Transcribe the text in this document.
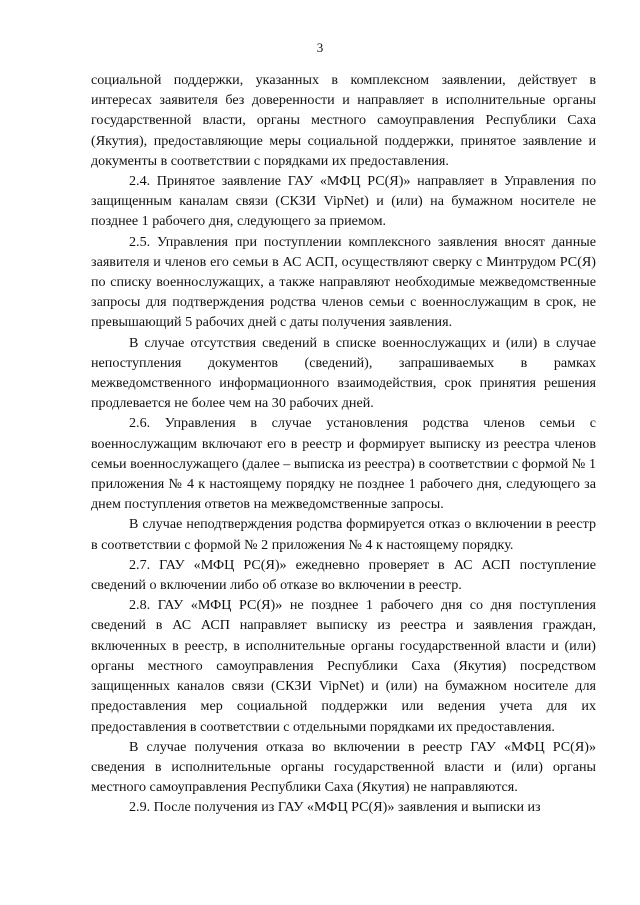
3

социальной поддержки, указанных в комплексном заявлении, действует в интересах заявителя без доверенности и направляет в исполнительные органы государственной власти, органы местного самоуправления Республики Саха (Якутия), предоставляющие меры социальной поддержки, принятое заявление и документы в соответствии с порядками их предоставления.

2.4. Принятое заявление ГАУ «МФЦ РС(Я)» направляет в Управления по защищенным каналам связи (СКЗИ VipNet) и (или) на бумажном носителе не позднее 1 рабочего дня, следующего за приемом.

2.5. Управления при поступлении комплексного заявления вносят данные заявителя и членов его семьи в АС АСП, осуществляют сверку с Минтрудом РС(Я) по списку военнослужащих, а также направляют необходимые межведомственные запросы для подтверждения родства членов семьи с военнослужащим в срок, не превышающий 5 рабочих дней с даты получения заявления.

В случае отсутствия сведений в списке военнослужащих и (или) в случае непоступления документов (сведений), запрашиваемых в рамках межведомственного информационного взаимодействия, срок принятия решения продлевается не более чем на 30 рабочих дней.

2.6. Управления в случае установления родства членов семьи с военнослужащим включают его в реестр и формирует выписку из реестра членов семьи военнослужащего (далее – выписка из реестра) в соответствии с формой № 1 приложения № 4 к настоящему порядку не позднее 1 рабочего дня, следующего за днем поступления ответов на межведомственные запросы.

В случае неподтверждения родства формируется отказ о включении в реестр в соответствии с формой № 2 приложения № 4 к настоящему порядку.

2.7. ГАУ «МФЦ РС(Я)» ежедневно проверяет в АС АСП поступление сведений о включении либо об отказе во включении в реестр.

2.8. ГАУ «МФЦ РС(Я)» не позднее 1 рабочего дня со дня поступления сведений в АС АСП направляет выписку из реестра и заявления граждан, включенных в реестр, в исполнительные органы государственной власти и (или) органы местного самоуправления Республики Саха (Якутия) посредством защищенных каналов связи (СКЗИ VipNet) и (или) на бумажном носителе для предоставления мер социальной поддержки или ведения учета для их предоставления в соответствии с отдельными порядками их предоставления.

В случае получения отказа во включении в реестр ГАУ «МФЦ РС(Я)» сведения в исполнительные органы государственной власти и (или) органы местного самоуправления Республики Саха (Якутия) не направляются.

2.9. После получения из ГАУ «МФЦ РС(Я)» заявления и выписки из
